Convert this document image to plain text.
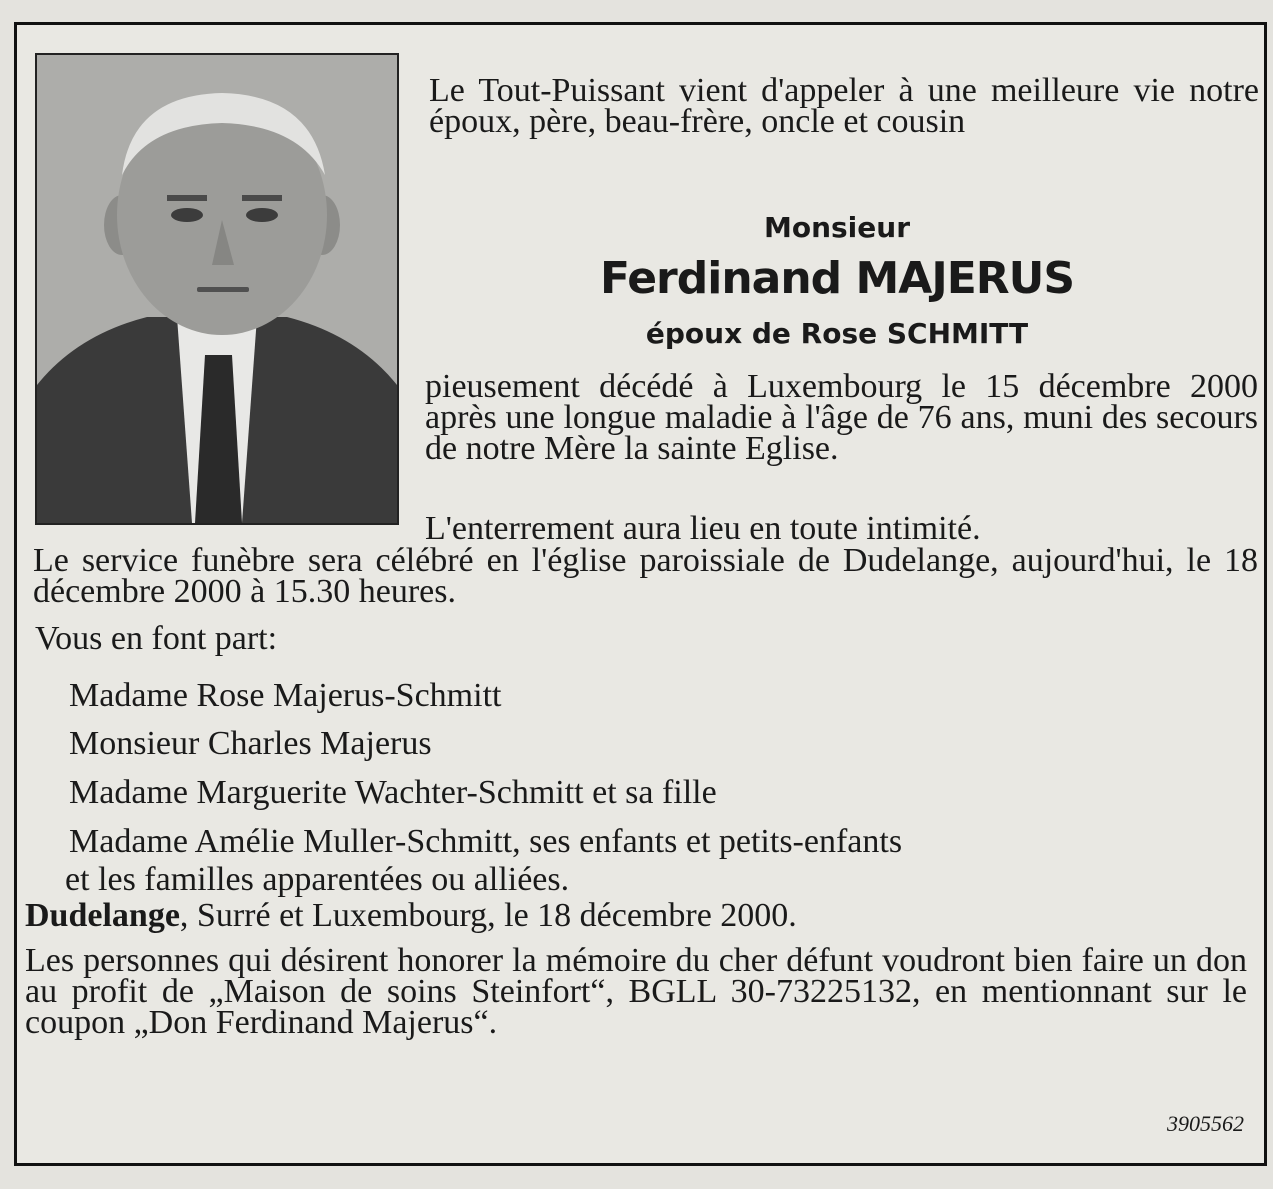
Le Tout-Puissant vient d'appeler à une meilleure vie notre époux, père, beau-frère, oncle et cousin

Monsieur
Ferdinand MAJERUS
époux de Rose SCHMITT

pieusement décédé à Luxembourg le 15 décembre 2000 après une longue maladie à l'âge de 76 ans, muni des secours de notre Mère la sainte Eglise.

L'enterrement aura lieu en toute intimité.

Le service funèbre sera célébré en l'église paroissiale de Dudelange, aujourd'hui, le 18 décembre 2000 à 15.30 heures.

Vous en font part:

Madame Rose Majerus-Schmitt
Monsieur Charles Majerus
Madame Marguerite Wachter-Schmitt et sa fille
Madame Amélie Muller-Schmitt, ses enfants et petits-enfants
et les familles apparentées ou alliées.

Dudelange, Surré et Luxembourg, le 18 décembre 2000.

Les personnes qui désirent honorer la mémoire du cher défunt voudront bien faire un don au profit de „Maison de soins Steinfort“, BGLL 30-73225132, en mentionnant sur le coupon „Don Ferdinand Majerus“.

3905562
